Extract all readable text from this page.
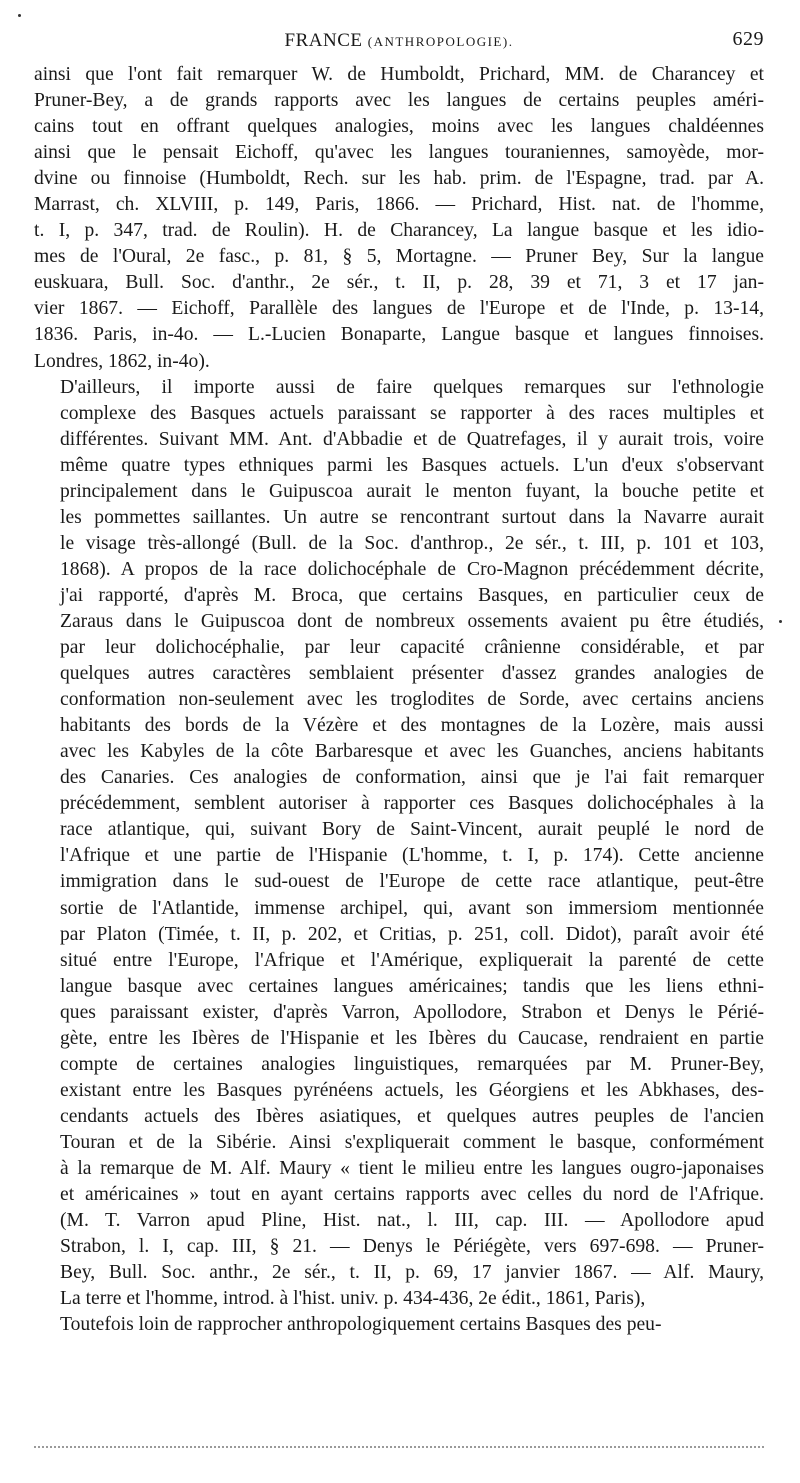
FRANCE (ANTHROPOLOGIE).	629

ainsi que l'ont fait remarquer W. de Humboldt, Prichard, MM. de Charancey et
Pruner-Bey, a de grands rapports avec les langues de certains peuples améri-
cains tout en offrant quelques analogies, moins avec les langues chaldéennes
ainsi que le pensait Eichoff, qu'avec les langues touraniennes, samoyède, mor-
dvine ou finnoise (Humboldt, Rech. sur les hab. prim. de l'Espagne, trad. par A.
Marrast, ch. XLVIII, p. 149, Paris, 1866. — Prichard, Hist. nat. de l'homme,
t. I, p. 347, trad. de Roulin). H. de Charancey, La langue basque et les idio-
mes de l'Oural, 2e fasc., p. 81, § 5, Mortagne. — Pruner Bey, Sur la langue
euskuara, Bull. Soc. d'anthr., 2e sér., t. II, p. 28, 39 et 71, 3 et 17 jan-
vier 1867. — Eichoff, Parallèle des langues de l'Europe et de l'Inde, p. 13-14,
1836. Paris, in-4o. — L.-Lucien Bonaparte, Langue basque et langues finnoises.
Londres, 1862, in-4o).

D'ailleurs, il importe aussi de faire quelques remarques sur l'ethnologie
complexe des Basques actuels paraissant se rapporter à des races multiples et
différentes. Suivant MM. Ant. d'Abbadie et de Quatrefages, il y aurait trois, voire
même quatre types ethniques parmi les Basques actuels. L'un d'eux s'observant
principalement dans le Guipuscoa aurait le menton fuyant, la bouche petite et
les pommettes saillantes. Un autre se rencontrant surtout dans la Navarre aurait
le visage très-allongé (Bull. de la Soc. d'anthrop., 2e sér., t. III, p. 101 et 103,
1868). A propos de la race dolichocéphale de Cro-Magnon précédemment décrite,
j'ai rapporté, d'après M. Broca, que certains Basques, en particulier ceux de
Zaraus dans le Guipuscoa dont de nombreux ossements avaient pu être étudiés,
par leur dolichocéphalie, par leur capacité crânienne considérable, et par
quelques autres caractères semblaient présenter d'assez grandes analogies de
conformation non-seulement avec les troglodites de Sorde, avec certains anciens
habitants des bords de la Vézère et des montagnes de la Lozère, mais aussi
avec les Kabyles de la côte Barbaresque et avec les Guanches, anciens habitants
des Canaries. Ces analogies de conformation, ainsi que je l'ai fait remarquer
précédemment, semblent autoriser à rapporter ces Basques dolichocéphales à la
race atlantique, qui, suivant Bory de Saint-Vincent, aurait peuplé le nord de
l'Afrique et une partie de l'Hispanie (L'homme, t. I, p. 174). Cette ancienne
immigration dans le sud-ouest de l'Europe de cette race atlantique, peut-être
sortie de l'Atlantide, immense archipel, qui, avant son immersiom mentionnée
par Platon (Timée, t. II, p. 202, et Critias, p. 251, coll. Didot), paraît avoir été
situé entre l'Europe, l'Afrique et l'Amérique, expliquerait la parenté de cette
langue basque avec certaines langues américaines; tandis que les liens ethni-
ques paraissant exister, d'après Varron, Apollodore, Strabon et Denys le Périé-
gète, entre les Ibères de l'Hispanie et les Ibères du Caucase, rendraient en partie
compte de certaines analogies linguistiques, remarquées par M. Pruner-Bey,
existant entre les Basques pyrénéens actuels, les Géorgiens et les Abkhases, des-
cendants actuels des Ibères asiatiques, et quelques autres peuples de l'ancien
Touran et de la Sibérie. Ainsi s'expliquerait comment le basque, conformément
à la remarque de M. Alf. Maury « tient le milieu entre les langues ougro-japonaises
et américaines » tout en ayant certains rapports avec celles du nord de l'Afrique.
(M. T. Varron apud Pline, Hist. nat., l. III, cap. III. — Apollodore apud
Strabon, l. I, cap. III, § 21. — Denys le Périégète, vers 697-698. — Pruner-
Bey, Bull. Soc. anthr., 2e sér., t. II, p. 69, 17 janvier 1867. — Alf. Maury,
La terre et l'homme, introd. à l'hist. univ. p. 434-436, 2e édit., 1861, Paris),

Toutefois loin de rapprocher anthropologiquement certains Basques des peu-
